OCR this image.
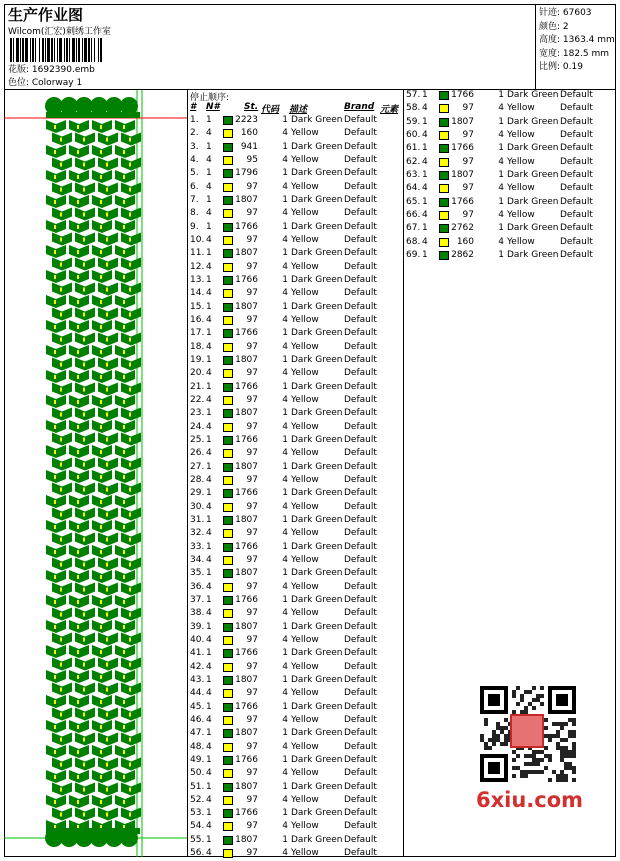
生产作业图
Wilcom(汇宏)刺绣工作室
花版: 1692390.emb
色位: Colorway 1
针迹: 67603
颜色: 2
高度: 1363.4 mm
宽度: 182.5 mm
比例: 0.19
停止顺序:
# N#	St. 代码 描述	Brand 元素
1. 1	2223	1 Dark Green Default
2. 4	160	4 Yellow	Default
3. 1	941	1 Dark Green Default
4. 4	95	4 Yellow	Default
5. 1	1796	1 Dark Green Default
6. 4	97	4 Yellow	Default
7. 1	1807	1 Dark Green Default
8. 4	97	4 Yellow	Default
9. 1	1766	1 Dark Green Default
10. 4	97	4 Yellow	Default
11. 1	1807	1 Dark Green Default
12. 4	97	4 Yellow	Default
13. 1	1766	1 Dark Green Default
14. 4	97	4 Yellow	Default
15. 1	1807	1 Dark Green Default
16. 4	97	4 Yellow	Default
17. 1	1766	1 Dark Green Default
18. 4	97	4 Yellow	Default
19. 1	1807	1 Dark Green Default
20. 4	97	4 Yellow	Default
21. 1	1766	1 Dark Green Default
22. 4	97	4 Yellow	Default
23. 1	1807	1 Dark Green Default
24. 4	97	4 Yellow	Default
25. 1	1766	1 Dark Green Default
26. 4	97	4 Yellow	Default
27. 1	1807	1 Dark Green Default
28. 4	97	4 Yellow	Default
29. 1	1766	1 Dark Green Default
30. 4	97	4 Yellow	Default
31. 1	1807	1 Dark Green Default
32. 4	97	4 Yellow	Default
33. 1	1766	1 Dark Green Default
34. 4	97	4 Yellow	Default
35. 1	1807	1 Dark Green Default
36. 4	97	4 Yellow	Default
37. 1	1766	1 Dark Green Default
38. 4	97	4 Yellow	Default
39. 1	1807	1 Dark Green Default
40. 4	97	4 Yellow	Default
41. 1	1766	1 Dark Green Default
42. 4	97	4 Yellow	Default
43. 1	1807	1 Dark Green Default
44. 4	97	4 Yellow	Default
45. 1	1766	1 Dark Green Default
46. 4	97	4 Yellow	Default
47. 1	1807	1 Dark Green Default
48. 4	97	4 Yellow	Default
49. 1	1766	1 Dark Green Default
50. 4	97	4 Yellow	Default
51. 1	1807	1 Dark Green Default
52. 4	97	4 Yellow	Default
53. 1	1766	1 Dark Green Default
54. 4	97	4 Yellow	Default
55. 1	1807	1 Dark Green Default
56. 4	97	4 Yellow	Default
57. 1	1766	1 Dark Green Default
58. 4	97	4 Yellow	Default
59. 1	1807	1 Dark Green Default
60. 4	97	4 Yellow	Default
61. 1	1766	1 Dark Green Default
62. 4	97	4 Yellow	Default
63. 1	1807	1 Dark Green Default
64. 4	97	4 Yellow	Default
65. 1	1766	1 Dark Green Default
66. 4	97	4 Yellow	Default
67. 1	2762	1 Dark Green Default
68. 4	160	4 Yellow	Default
69. 1	2862	1 Dark Green Default
6xiu.com
